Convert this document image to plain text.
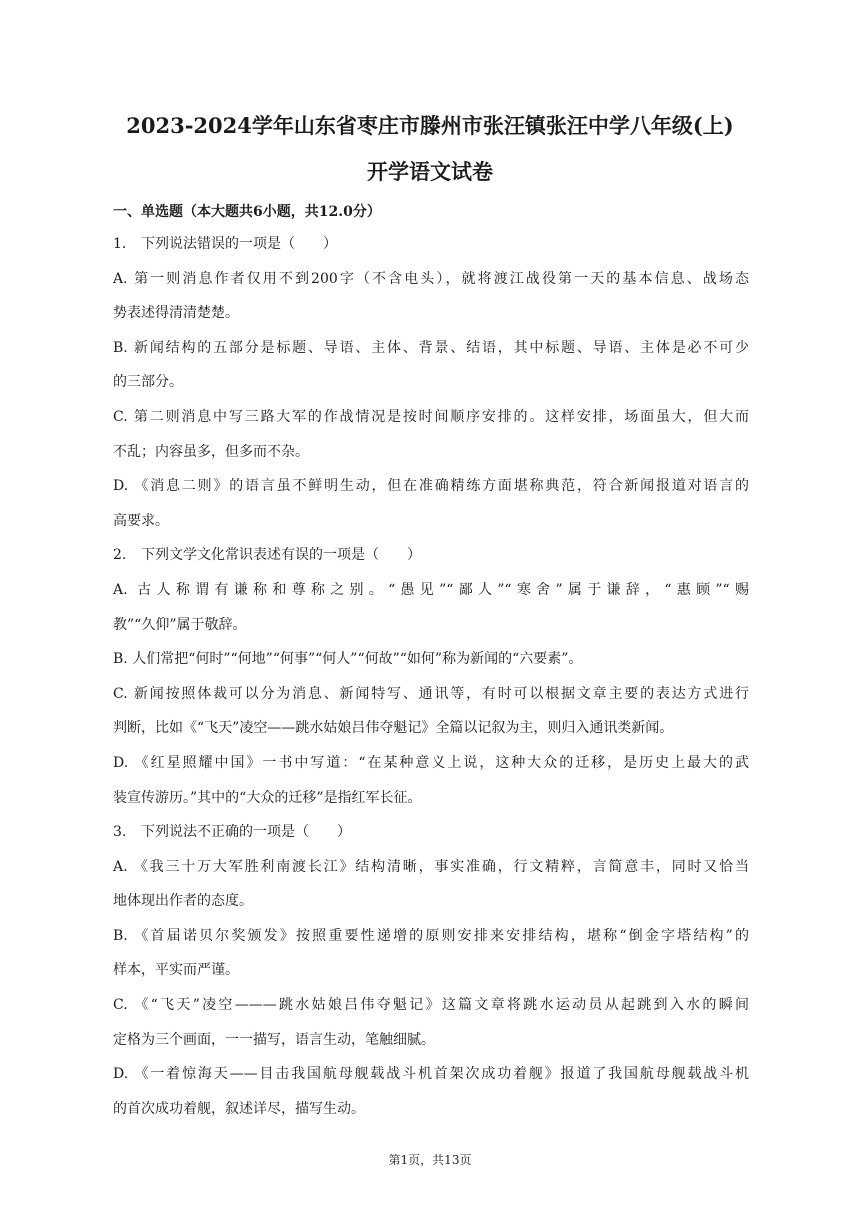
2023-2024学年山东省枣庄市滕州市张汪镇张汪中学八年级(上)
开学语文试卷
一、单选题（本大题共6小题，共12.0分）
1.	下列说法错误的一项是（　　）
A. 第一则消息作者仅用不到200字（不含电头），就将渡江战役第一天的基本信息、战场态
势表述得清清楚楚。
B. 新闻结构的五部分是标题、导语、主体、背景、结语，其中标题、导语、主体是必不可少
的三部分。
C. 第二则消息中写三路大军的作战情况是按时间顺序安排的。这样安排，场面虽大，但大而
不乱；内容虽多，但多而不杂。
D. 《消息二则》的语言虽不鲜明生动，但在准确精练方面堪称典范，符合新闻报道对语言的
高要求。
2.	下列文学文化常识表述有误的一项是（　　）
A. 古人称谓有谦称和尊称之别。“愚见”“鄙人”“寒舍”属于谦辞，“惠顾”“赐
教”“久仰”属于敬辞。
B. 人们常把“何时”“何地”“何事”“何人”“何故”“如何”称为新闻的“六要素”。
C. 新闻按照体裁可以分为消息、新闻特写、通讯等，有时可以根据文章主要的表达方式进行
判断，比如《“飞天”凌空——跳水姑娘吕伟夺魁记》全篇以记叙为主，则归入通讯类新闻。
D. 《红星照耀中国》一书中写道：“在某种意义上说，这种大众的迁移，是历史上最大的武
装宣传游历。”其中的“大众的迁移”是指红军长征。
3.	下列说法不正确的一项是（　　）
A. 《我三十万大军胜利南渡长江》结构清晰，事实准确，行文精粹，言简意丰，同时又恰当
地体现出作者的态度。
B. 《首届诺贝尔奖颁发》按照重要性递增的原则安排来安排结构，堪称“倒金字塔结构”的
样本，平实而严谨。
C. 《“飞天”凌空———跳水姑娘吕伟夺魁记》这篇文章将跳水运动员从起跳到入水的瞬间
定格为三个画面，一一描写，语言生动，笔触细腻。
D. 《一着惊海天——目击我国航母舰载战斗机首架次成功着舰》报道了我国航母舰载战斗机
的首次成功着舰，叙述详尽，描写生动。
第1页，共13页
